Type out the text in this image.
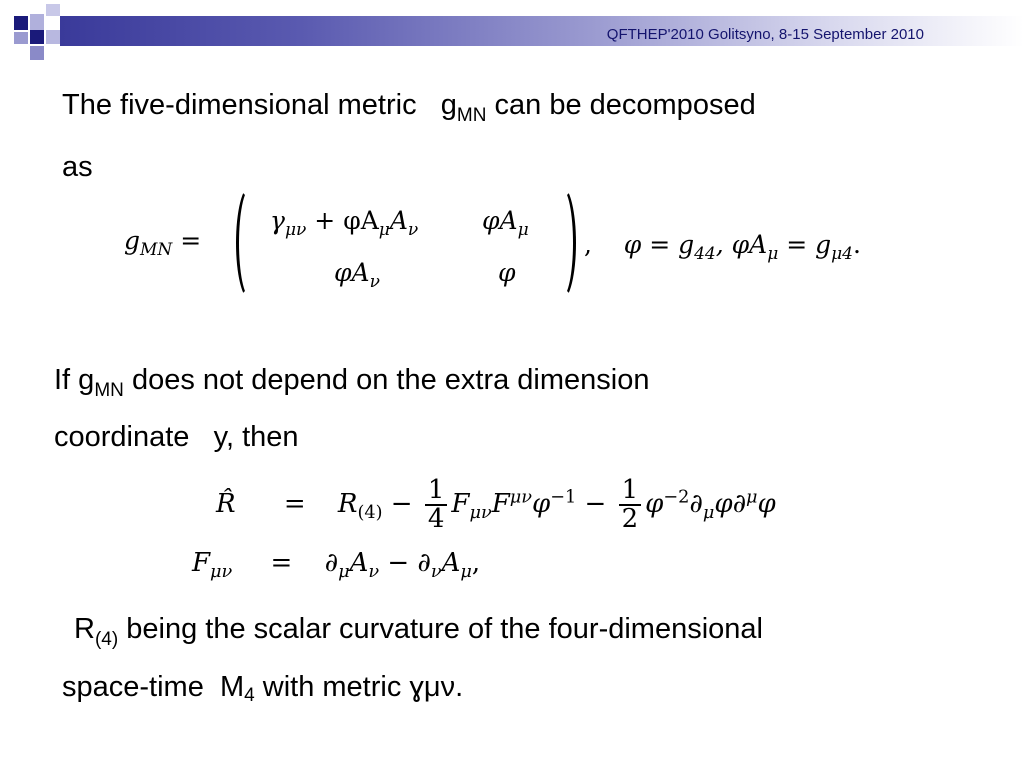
QFTHEP'2010 Golitsyno, 8-15 September 2010
The five-dimensional metric $g_{MN}$ can be decomposed
as
$g_{MN}$ =
$\gamma_{\mu\nu} + \varphi A_\mu A_\nu$	$\varphi A_\mu$
$\varphi A_\nu$	φ
, $\varphi = g_{44}$, $\varphi A_\mu = g_{\mu 4}$.
If $g_{MN}$ does not depend on the extra dimension
coordinate y, then
R̂ = $R_{(4)} - \frac{1}{4} F_{\mu\nu}F^{\mu\nu}\varphi^{-1} - \frac{1}{2} \varphi^{-2}\partial_\mu\varphi\partial^\mu\varphi$
$F_{\mu\nu} = \partial_\mu A_\nu - \partial_\nu A_\mu$,
$R_{(4)}$ being the scalar curvature of the four-dimensional
space-time M4 with metric ɣμν.
